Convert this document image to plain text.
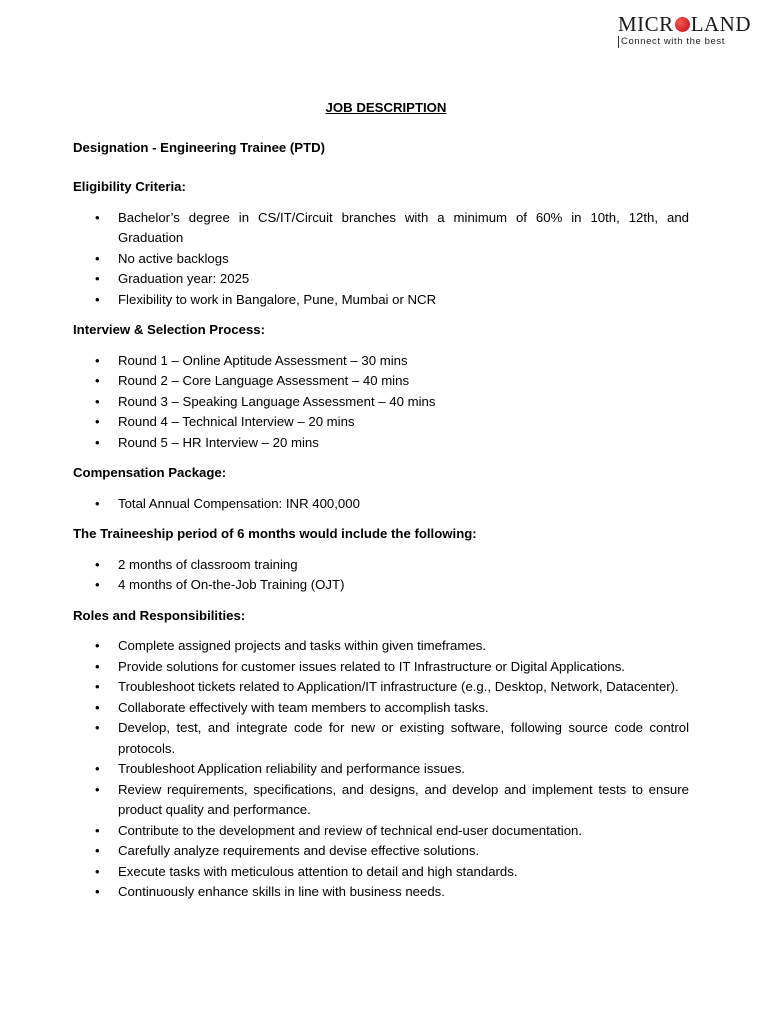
MICR LAND
Connect with the best
JOB DESCRIPTION
Designation - Engineering Trainee (PTD)
Eligibility Criteria:
• Bachelor’s degree in CS/IT/Circuit branches with a minimum of 60% in 10th, 12th, and Graduation
• No active backlogs
• Graduation year: 2025
• Flexibility to work in Bangalore, Pune, Mumbai or NCR
Interview & Selection Process:
• Round 1 – Online Aptitude Assessment – 30 mins
• Round 2 – Core Language Assessment – 40 mins
• Round 3 – Speaking Language Assessment – 40 mins
• Round 4 – Technical Interview – 20 mins
• Round 5 – HR Interview – 20 mins
Compensation Package:
• Total Annual Compensation: INR 400,000
The Traineeship period of 6 months would include the following:
• 2 months of classroom training
• 4 months of On-the-Job Training (OJT)
Roles and Responsibilities:
• Complete assigned projects and tasks within given timeframes.
• Provide solutions for customer issues related to IT Infrastructure or Digital Applications.
• Troubleshoot tickets related to Application/IT infrastructure (e.g., Desktop, Network, Datacenter).
• Collaborate effectively with team members to accomplish tasks.
• Develop, test, and integrate code for new or existing software, following source code control protocols.
• Troubleshoot Application reliability and performance issues.
• Review requirements, specifications, and designs, and develop and implement tests to ensure product quality and performance.
• Contribute to the development and review of technical end-user documentation.
• Carefully analyze requirements and devise effective solutions.
• Execute tasks with meticulous attention to detail and high standards.
• Continuously enhance skills in line with business needs.
